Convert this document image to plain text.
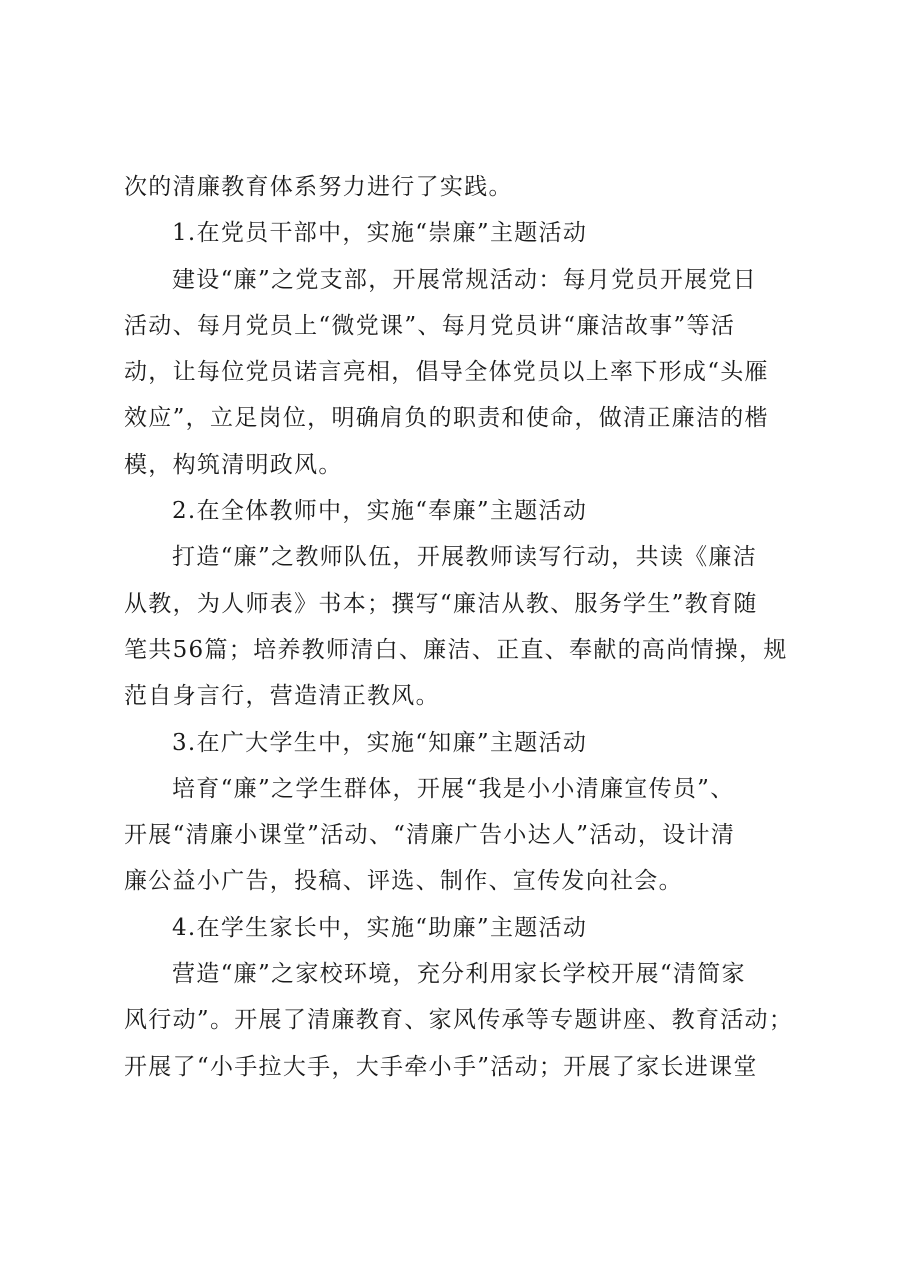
次的清廉教育体系努力进行了实践。
1.在党员干部中，实施“崇廉”主题活动
建设“廉”之党支部，开展常规活动：每月党员开展党日
活动、每月党员上“微党课”、每月党员讲“廉洁故事”等活
动，让每位党员诺言亮相，倡导全体党员以上率下形成“头雁
效应”，立足岗位，明确肩负的职责和使命，做清正廉洁的楷
模，构筑清明政风。
2.在全体教师中，实施“奉廉”主题活动
打造“廉”之教师队伍，开展教师读写行动，共读《廉洁
从教，为人师表》书本；撰写“廉洁从教、服务学生”教育随
笔共56篇；培养教师清白、廉洁、正直、奉献的高尚情操，规
范自身言行，营造清正教风。
3.在广大学生中，实施“知廉”主题活动
培育“廉”之学生群体，开展“我是小小清廉宣传员”、
开展“清廉小课堂”活动、“清廉广告小达人”活动，设计清
廉公益小广告，投稿、评选、制作、宣传发向社会。
4.在学生家长中，实施“助廉”主题活动
营造“廉”之家校环境，充分利用家长学校开展“清简家
风行动”。开展了清廉教育、家风传承等专题讲座、教育活动；
开展了“小手拉大手，大手牵小手”活动；开展了家长进课堂
